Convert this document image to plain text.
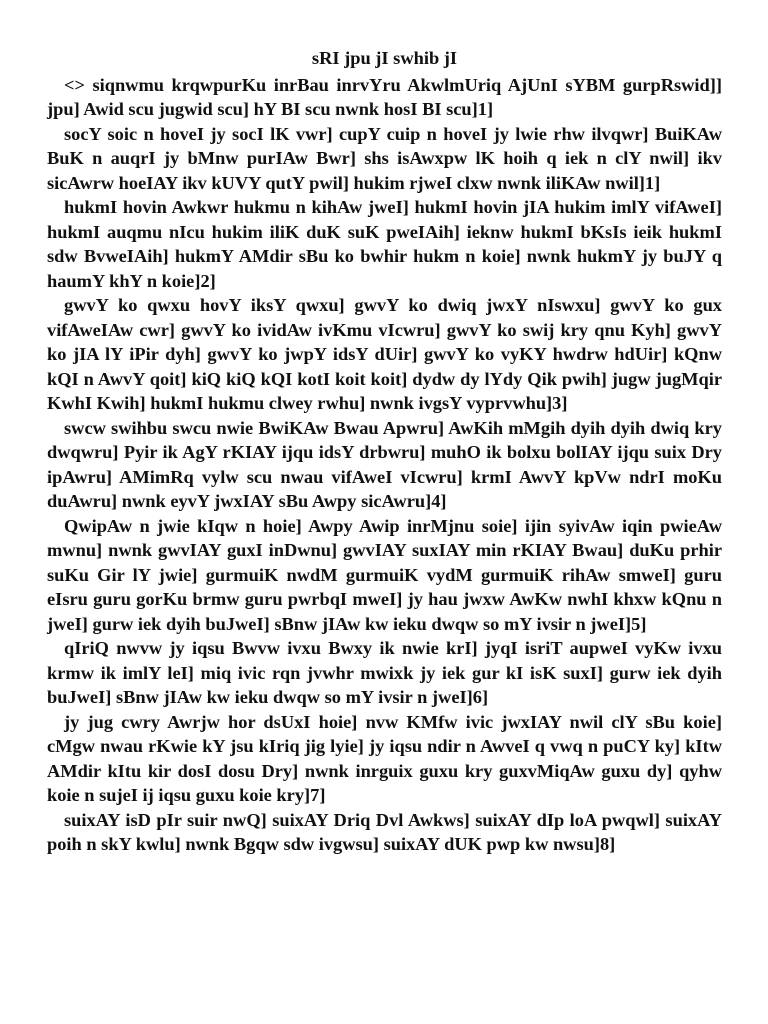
sRI jpu jI swhib jI

<> siqnwmu krqwpurKu inrBau inrvYru AkwlmUriq AjUnI sYBM gurpRswid]] jpu] Awid scu jugwid scu] hY BI scu nwnk hosI BI scu]1]

socY soic n hoveI jy socI lK vwr] cupY cuip n hoveI jy lwie rhw ilvqwr] BuiKAw BuK n auqrI jy bMnw purIAw Bwr] shs isAwxpw lK hoih q iek n clY nwil] ikv sicAwrw hoeIAY ikv kUVY qutY pwil] hukim rjweI clxw nwnk iliKAw nwil]1]

hukmI hovin Awkwr hukmu n kihAw jweI] hukmI hovin jIA hukim imlY vifAweI] hukmI auqmu nIcu hukim iliK duK suK pweIAih] ieknw hukmI bKsIs ieik hukmI sdw BvweIAih] hukmY AMdir sBu ko bwhir hukm n koie] nwnk hukmY jy buJY q haumY khY n koie]2]

gwvY ko qwxu hovY iksY qwxu] gwvY ko dwiq jwxY nIswxu] gwvY ko gux vifAweIAw cwr] gwvY ko ividAw ivKmu vIcwru] gwvY ko swij kry qnu Kyh] gwvY ko jIA lY iPir dyh] gwvY ko jwpY idsY dUir] gwvY ko vyKY hwdrw hdUir] kQnw kQI n AwvY qoit] kiQ kiQ kQI kotI koit koit] dydw dy lYdy Qik pwih] jugw jugMqir KwhI Kwih] hukmI hukmu clwey rwhu] nwnk ivgsY vyprvwhu]3]

swcw swihbu swcu nwie BwiKAw Bwau Apwru] AwKih mMgih dyih dyih dwiq kry dwqwru] Pyir ik AgY rKIAY ijqu idsY drbwru] muhO ik bolxu bolIAY ijqu suix Dry ipAwru] AMimRq vylw scu nwau vifAweI vIcwru] krmI AwvY kpVw ndrI moKu duAwru] nwnk eyvY jwxIAY sBu Awpy sicAwru]4]

QwipAw n jwie kIqw n hoie] Awpy Awip inrMjnu soie] ijin syivAw iqin pwieAw mwnu] nwnk gwvIAY guxI inDwnu] gwvIAY suxIAY min rKIAY Bwau] duKu prhir suKu Gir lY jwie] gurmuiK nwdM gurmuiK vydM gurmuiK rihAw smweI] guru eIsru guru gorKu brmw guru pwrbqI mweI] jy hau jwxw AwKw nwhI khxw kQnu n jweI] gurw iek dyih buJweI] sBnw jIAw kw ieku dwqw so mY ivsir n jweI]5]

qIriQ nwvw jy iqsu Bwvw ivxu Bwxy ik nwie krI] jyqI isriT aupweI vyKw ivxu krmw ik imlY leI] miq ivic rqn jvwhr mwixk jy iek gur kI isK suxI] gurw iek dyih buJweI] sBnw jIAw kw ieku dwqw so mY ivsir n jweI]6]

jy jug cwry Awrjw hor dsUxI hoie] nvw KMfw ivic jwxIAY nwil clY sBu koie] cMgw nwau rKwie kY jsu kIriq jig lyie] jy iqsu ndir n AwveI q vwq n puCY ky] kItw AMdir kItu kir dosI dosu Dry] nwnk inrguix guxu kry guxvMiqAw guxu dy] qyhw koie n sujeI ij iqsu guxu koie kry]7]

suixAY isD pIr suir nwQ] suixAY Driq Dvl Awkws] suixAY dIp loA pwqwl] suixAY poih n skY kwlu] nwnk Bgqw sdw ivgwsu] suixAY dUK pwp kw nwsu]8]
